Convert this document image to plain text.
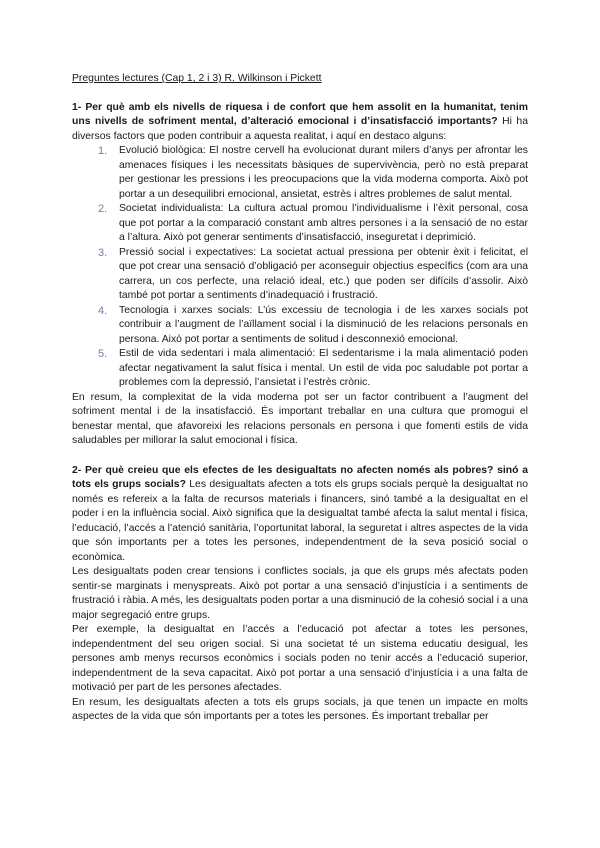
Preguntes lectures (Cap 1, 2 i 3) R. Wilkinson i Pickett

1- Per què amb els nivells de riquesa i de confort que hem assolit en la humanitat, tenim uns nivells de sofriment mental, d’alteració emocional i d’insatisfacció importants? Hi ha diversos factors que poden contribuir a aquesta realitat, i aquí en destaco alguns:

1. Evolució biològica: El nostre cervell ha evolucionat durant milers d’anys per afrontar les amenaces físiques i les necessitats bàsiques de supervivència, però no està preparat per gestionar les pressions i les preocupacions que la vida moderna comporta. Això pot portar a un desequilibri emocional, ansietat, estrès i altres problemes de salut mental.
2. Societat individualista: La cultura actual promou l’individualisme i l’èxit personal, cosa que pot portar a la comparació constant amb altres persones i a la sensació de no estar a l’altura. Això pot generar sentiments d’insatisfacció, inseguretat i deprimició.
3. Pressió social i expectatives: La societat actual pressiona per obtenir èxit i felicitat, el que pot crear una sensació d’obligació per aconseguir objectius específics (com ara una carrera, un cos perfecte, una relació ideal, etc.) que poden ser difícils d’assolir. Això també pot portar a sentiments d’inadequació i frustració.
4. Tecnologia i xarxes socials: L’ús excessiu de tecnologia i de les xarxes socials pot contribuir a l’augment de l’aïllament social i la disminució de les relacions personals en persona. Això pot portar a sentiments de solitud i desconnexió emocional.
5. Estil de vida sedentari i mala alimentació: El sedentarisme i la mala alimentació poden afectar negativament la salut física i mental. Un estil de vida poc saludable pot portar a problemes com la depressió, l’ansietat i l’estrès crònic.

En resum, la complexitat de la vida moderna pot ser un factor contribuent a l’augment del sofriment mental i de la insatisfacció. És important treballar en una cultura que promogui el benestar mental, que afavoreixi les relacions personals en persona i que fomenti estils de vida saludables per millorar la salut emocional i física.

2- Per què creieu que els efectes de les desigualtats no afecten només als pobres? sinó a tots els grups socials? Les desigualtats afecten a tots els grups socials perquè la desigualtat no només es refereix a la falta de recursos materials i financers, sinó també a la desigualtat en el poder i en la influència social. Això significa que la desigualtat també afecta la salut mental i física, l’educació, l’accés a l’atenció sanitària, l’oportunitat laboral, la seguretat i altres aspectes de la vida que són importants per a totes les persones, independentment de la seva posició social o econòmica.

Les desigualtats poden crear tensions i conflictes socials, ja que els grups més afectats poden sentir-se marginats i menyspreats. Això pot portar a una sensació d’injustícia i a sentiments de frustració i ràbia. A més, les desigualtats poden portar a una disminució de la cohesió social i a una major segregació entre grups.

Per exemple, la desigualtat en l’accés a l’educació pot afectar a totes les persones, independentment del seu origen social. Si una societat té un sistema educatiu desigual, les persones amb menys recursos econòmics i socials poden no tenir accés a l’educació superior, independentment de la seva capacitat. Això pot portar a una sensació d’injustícia i a una falta de motivació per part de les persones afectades.

En resum, les desigualtats afecten a tots els grups socials, ja que tenen un impacte en molts aspectes de la vida que són importants per a totes les persones. És important treballar per
